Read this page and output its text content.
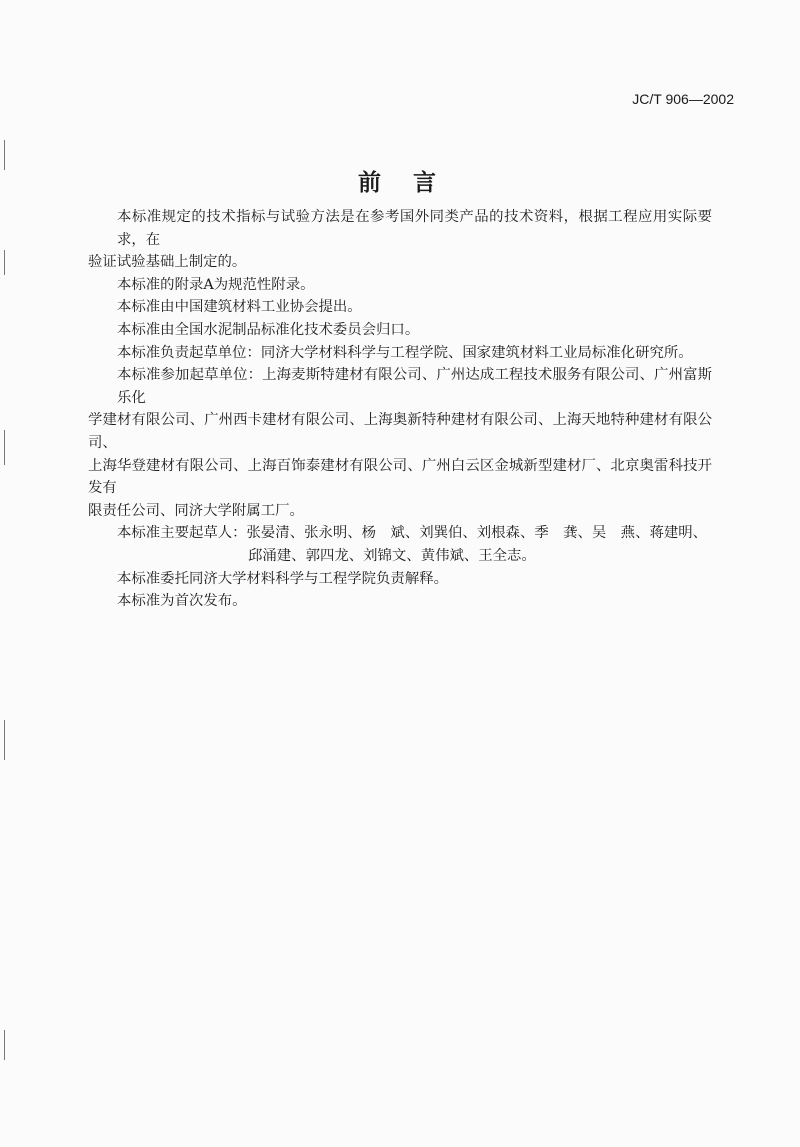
JC/T 906—2002
前言
本标准规定的技术指标与试验方法是在参考国外同类产品的技术资料，根据工程应用实际要求，在
验证试验基础上制定的。
本标准的附录A为规范性附录。
本标准由中国建筑材料工业协会提出。
本标准由全国水泥制品标准化技术委员会归口。
本标准负责起草单位：同济大学材料科学与工程学院、国家建筑材料工业局标准化研究所。
本标准参加起草单位：上海麦斯特建材有限公司、广州达成工程技术服务有限公司、广州富斯乐化
学建材有限公司、广州西卡建材有限公司、上海奥新特种建材有限公司、上海天地特种建材有限公司、
上海华登建材有限公司、上海百饰泰建材有限公司、广州白云区金城新型建材厂、北京奥雷科技开发有
限责任公司、同济大学附属工厂。
本标准主要起草人：张晏清、张永明、杨　斌、刘巽伯、刘根森、季　龚、吴　燕、蒋建明、
邱涌建、郭四龙、刘锦文、黄伟斌、王全志。
本标准委托同济大学材料科学与工程学院负责解释。
本标准为首次发布。
